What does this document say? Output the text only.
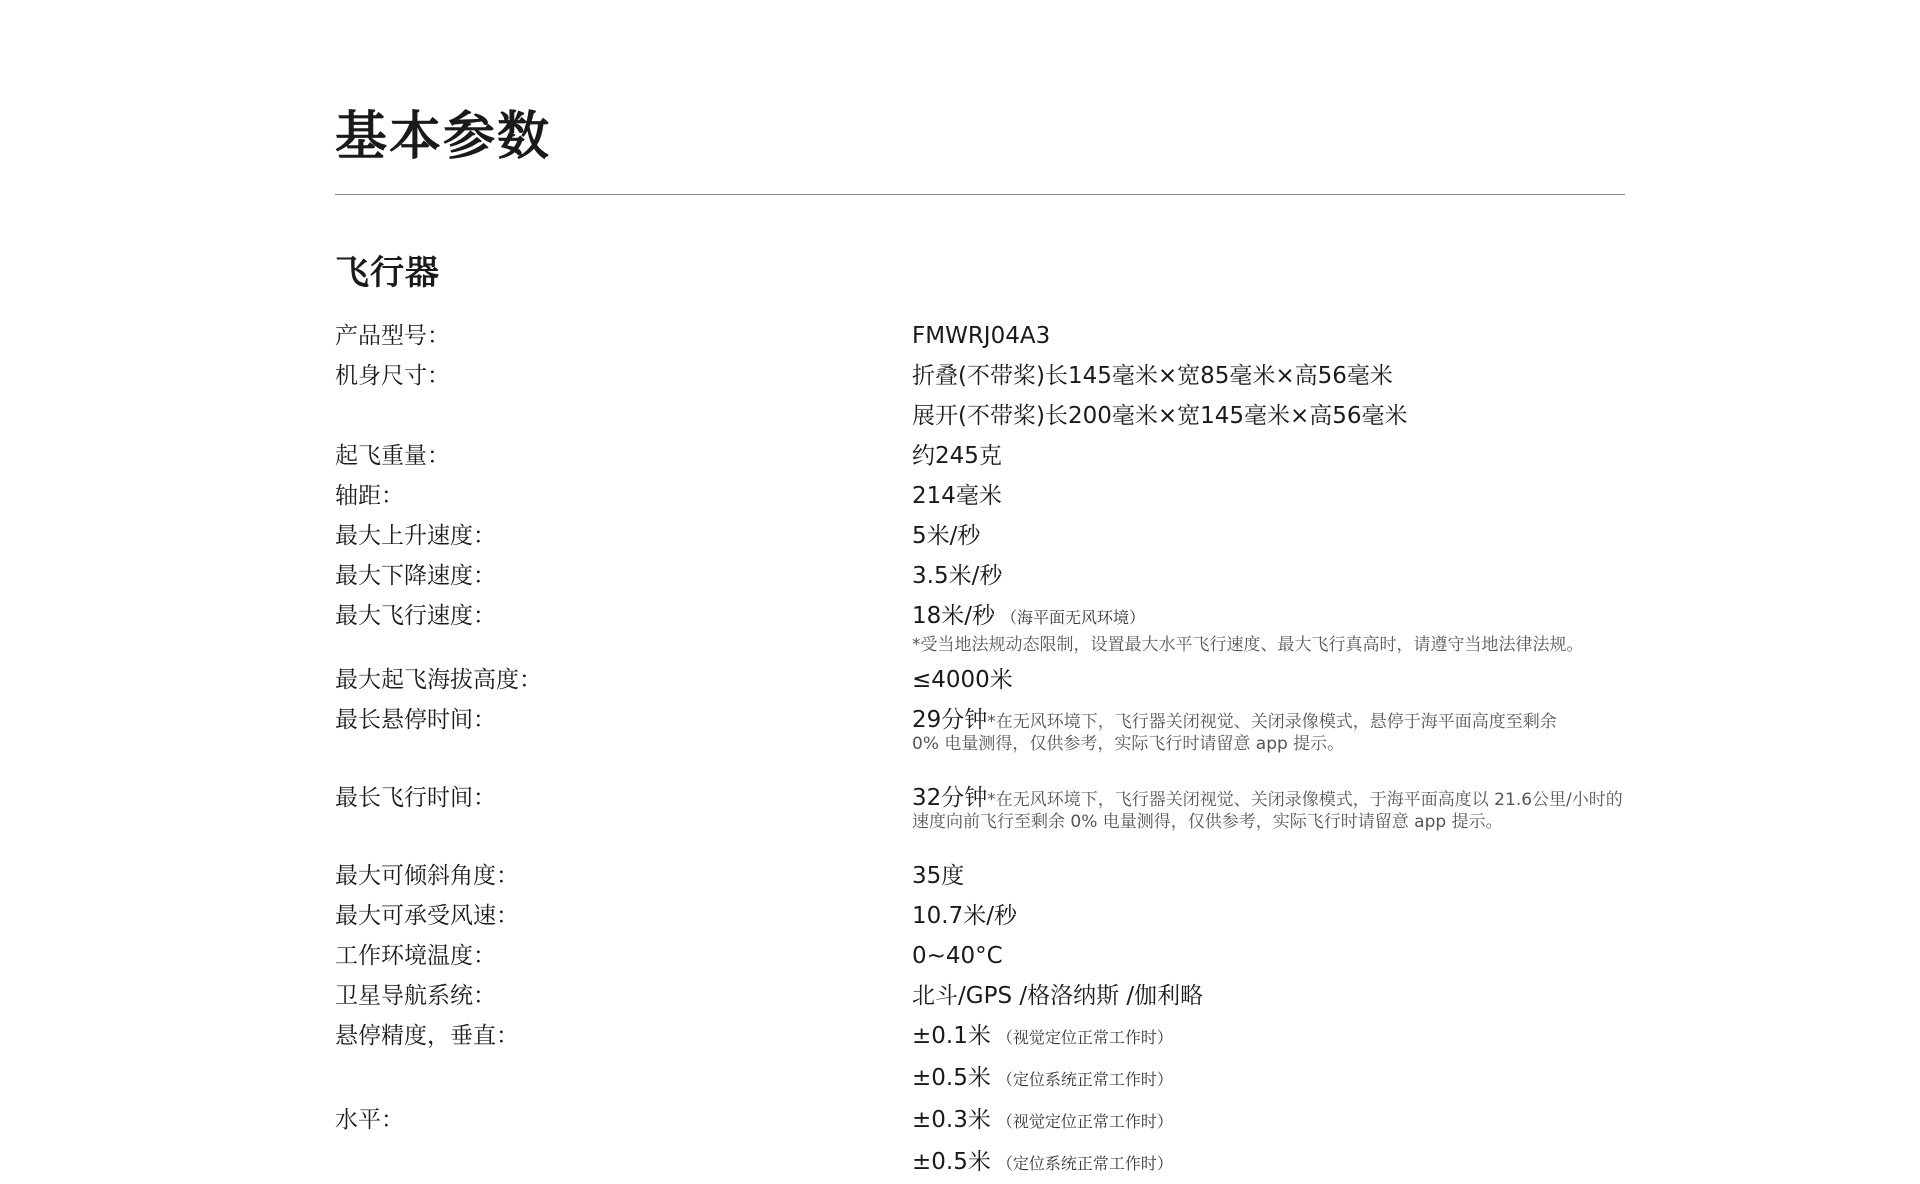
基本参数
飞行器
产品型号：	FMWRJ04A3
机身尺寸：	折叠(不带桨)长145毫米×宽85毫米×高56毫米
展开(不带桨)长200毫米×宽145毫米×高56毫米
起飞重量：	约245克
轴距：	214毫米
最大上升速度：	5米/秒
最大下降速度：	3.5米/秒
最大飞行速度：	18米/秒 （海平面无风环境）
*受当地法规动态限制，设置最大水平飞行速度、最大飞行真高时，请遵守当地法律法规。
最大起飞海拔高度：	≤4000米
最长悬停时间：	29分钟*在无风环境下，飞行器关闭视觉、关闭录像模式，悬停于海平面高度至剩余
0% 电量测得，仅供参考，实际飞行时请留意 app 提示。
最长飞行时间：	32分钟*在无风环境下，飞行器关闭视觉、关闭录像模式，于海平面高度以 21.6公里/小时的
速度向前飞行至剩余 0% 电量测得，仅供参考，实际飞行时请留意 app 提示。
最大可倾斜角度：	35度
最大可承受风速：	10.7米/秒
工作环境温度：	0~40°C
卫星导航系统：	北斗/GPS /格洛纳斯 /伽利略
悬停精度，垂直：	±0.1米 （视觉定位正常工作时）
±0.5米 （定位系统正常工作时）
水平：	±0.3米 （视觉定位正常工作时）
±0.5米 （定位系统正常工作时）
